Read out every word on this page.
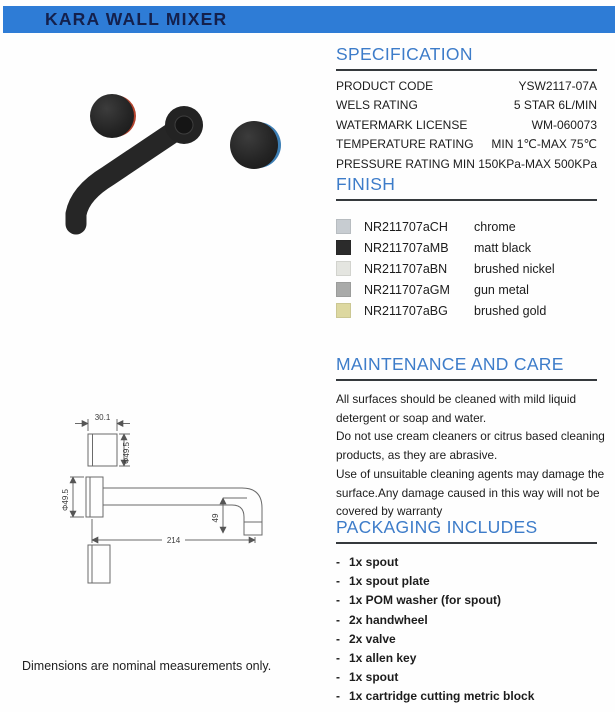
KARA WALL MIXER
30.1
Φ49.5
Φ49.5
214
49
Dimensions are nominal measurements only.
SPECIFICATION
PRODUCT CODE	YSW2117-07A
WELS RATING	5 STAR 6L/MIN
WATERMARK LICENSE	WM-060073
TEMPERATURE RATING MIN 1℃-MAX 75℃
PRESSURE RATING MIN 150KPa-MAX 500KPa
FINISH
NR211707aCH	chrome
NR211707aMB	matt black
NR211707aBN	brushed nickel
NR211707aGM	gun metal
NR211707aBG	brushed gold
MAINTENANCE AND CARE
All surfaces should be cleaned with mild liquid
detergent or soap and water.
Do not use cream cleaners or citrus based cleaning
products, as they are abrasive.
Use of unsuitable cleaning agents may damage the
surface.Any damage caused in this way will not be
covered by warranty
PACKAGING INCLUDES
- 1x spout
- 1x spout plate
- 1x POM washer (for spout)
- 2x handwheel
- 2x valve
- 1x allen key
- 1x spout
- 1x cartridge cutting metric block
